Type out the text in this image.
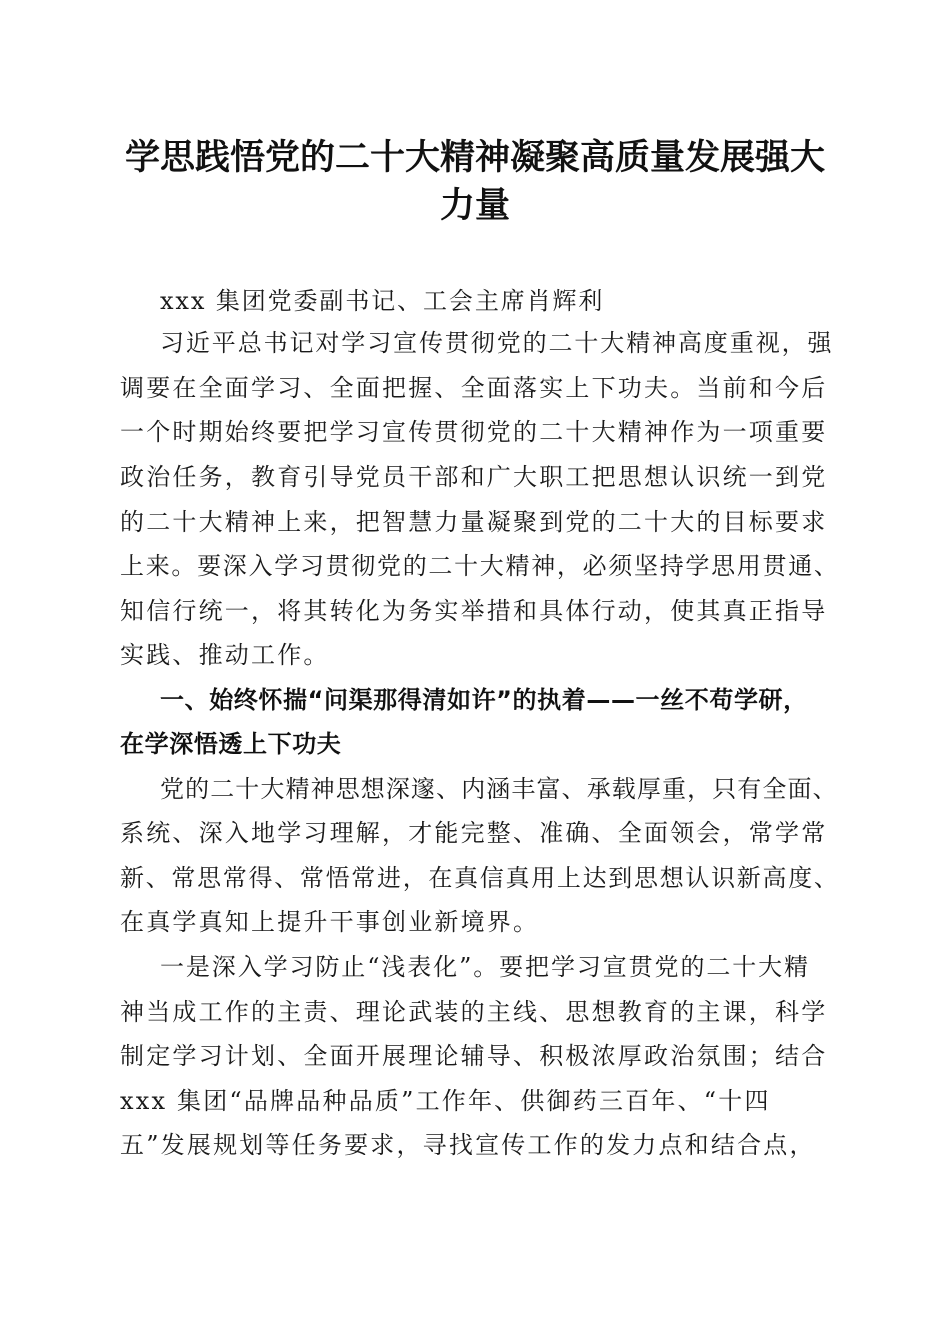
学思践悟党的二十大精神凝聚高质量发展强大
力量

xxx 集团党委副书记、工会主席肖辉利

习近平总书记对学习宣传贯彻党的二十大精神高度重视，强

调要在全面学习、全面把握、全面落实上下功夫。当前和今后

一个时期始终要把学习宣传贯彻党的二十大精神作为一项重要

政治任务，教育引导党员干部和广大职工把思想认识统一到党

的二十大精神上来，把智慧力量凝聚到党的二十大的目标要求

上来。要深入学习贯彻党的二十大精神，必须坚持学思用贯通、

知信行统一，将其转化为务实举措和具体行动，使其真正指导

实践、推动工作。

一、始终怀揣“问渠那得清如许”的执着——一丝不苟学研，

在学深悟透上下功夫

党的二十大精神思想深邃、内涵丰富、承载厚重，只有全面、

系统、深入地学习理解，才能完整、准确、全面领会，常学常

新、常思常得、常悟常进，在真信真用上达到思想认识新高度、

在真学真知上提升干事创业新境界。

一是深入学习防止“浅表化”。要把学习宣贯党的二十大精

神当成工作的主责、理论武装的主线、思想教育的主课，科学

制定学习计划、全面开展理论辅导、积极浓厚政治氛围；结合

xxx 集团“品牌品种品质”工作年、供御药三百年、“十四

五”发展规划等任务要求，寻找宣传工作的发力点和结合点，
